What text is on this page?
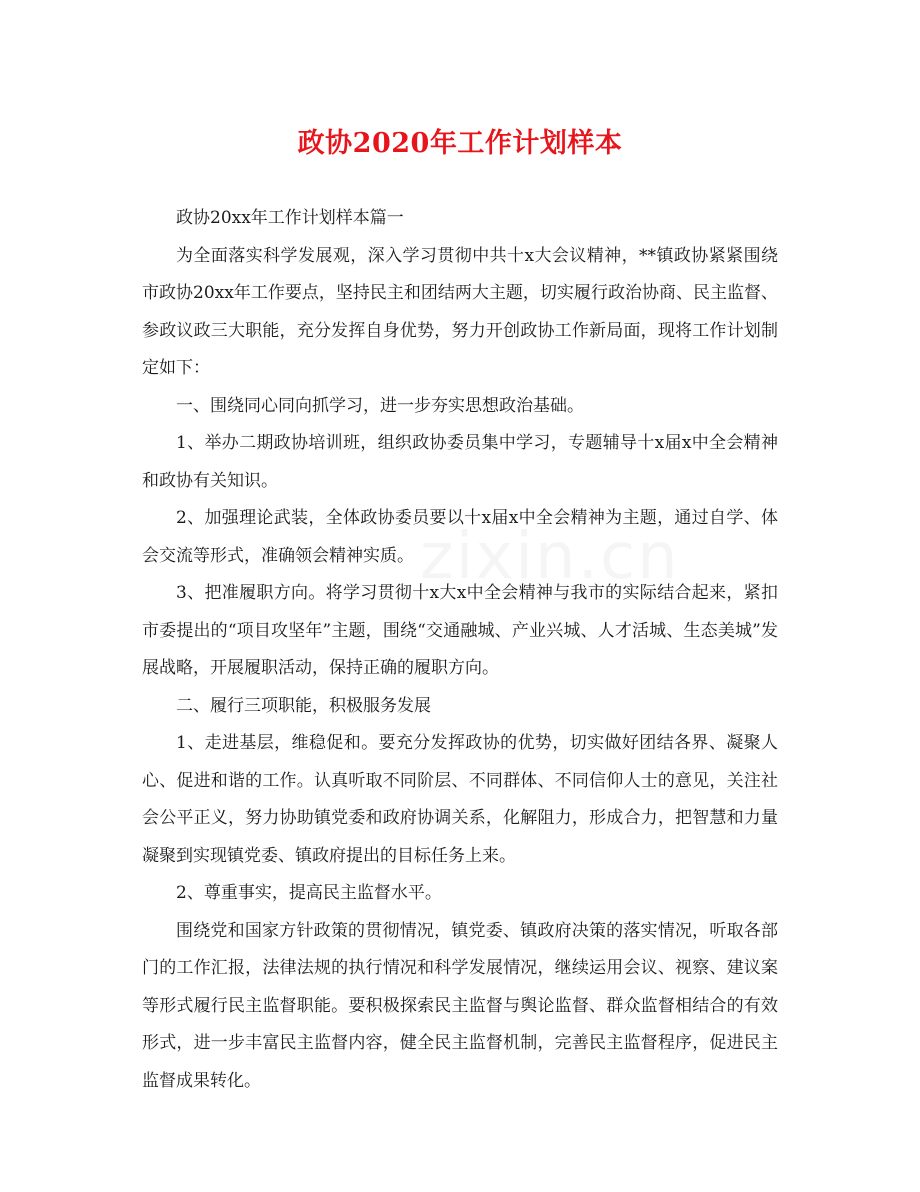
政协2020年工作计划样本

政协20xx年工作计划样本篇一

为全面落实科学发展观，深入学习贯彻中共十x大会议精神，**镇政协紧紧围绕市政协20xx年工作要点，坚持民主和团结两大主题，切实履行政治协商、民主监督、参政议政三大职能，充分发挥自身优势，努力开创政协工作新局面，现将工作计划制定如下：

一、围绕同心同向抓学习，进一步夯实思想政治基础。

1、举办二期政协培训班，组织政协委员集中学习，专题辅导十x届x中全会精神和政协有关知识。

2、加强理论武装，全体政协委员要以十x届x中全会精神为主题，通过自学、体会交流等形式，准确领会精神实质。

3、把准履职方向。将学习贯彻十x大x中全会精神与我市的实际结合起来，紧扣市委提出的“项目攻坚年”主题，围绕“交通融城、产业兴城、人才活城、生态美城”发展战略，开展履职活动，保持正确的履职方向。

二、履行三项职能，积极服务发展

1、走进基层，维稳促和。要充分发挥政协的优势，切实做好团结各界、凝聚人心、促进和谐的工作。认真听取不同阶层、不同群体、不同信仰人士的意见，关注社会公平正义，努力协助镇党委和政府协调关系，化解阻力，形成合力，把智慧和力量凝聚到实现镇党委、镇政府提出的目标任务上来。

2、尊重事实，提高民主监督水平。

围绕党和国家方针政策的贯彻情况，镇党委、镇政府决策的落实情况，听取各部门的工作汇报，法律法规的执行情况和科学发展情况，继续运用会议、视察、建议案等形式履行民主监督职能。要积极探索民主监督与舆论监督、群众监督相结合的有效形式，进一步丰富民主监督内容，健全民主监督机制，完善民主监督程序，促进民主监督成果转化。
